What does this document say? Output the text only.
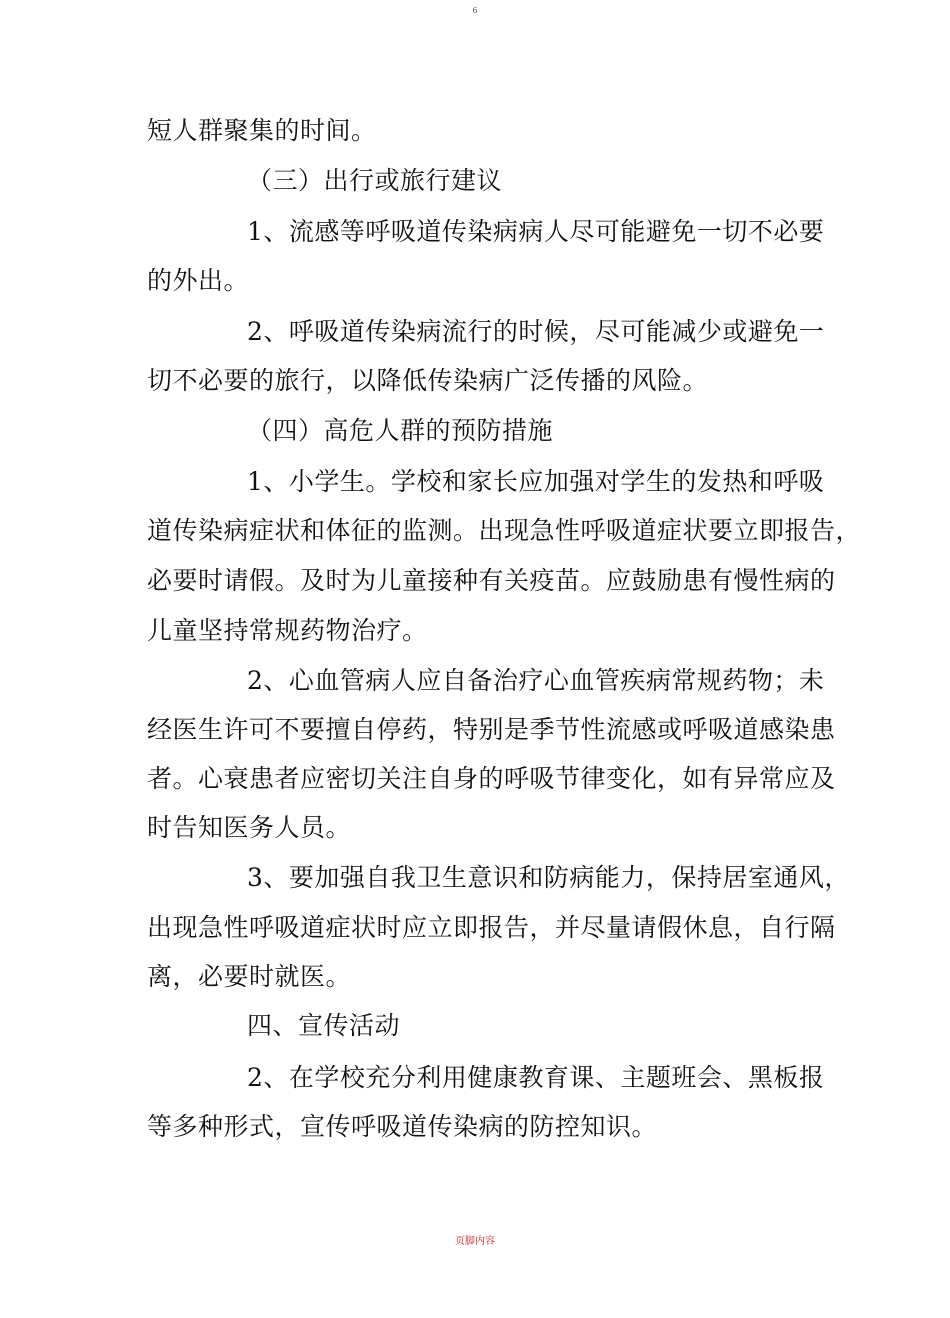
6
短人群聚集的时间。
（三）出行或旅行建议
1、流感等呼吸道传染病病人尽可能避免一切不必要
的外出。
2、呼吸道传染病流行的时候，尽可能减少或避免一
切不必要的旅行，以降低传染病广泛传播的风险。
（四）高危人群的预防措施
1、小学生。学校和家长应加强对学生的发热和呼吸
道传染病症状和体征的监测。出现急性呼吸道症状要立即报告，
必要时请假。及时为儿童接种有关疫苗。应鼓励患有慢性病的
儿童坚持常规药物治疗。
2、心血管病人应自备治疗心血管疾病常规药物；未
经医生许可不要擅自停药，特别是季节性流感或呼吸道感染患
者。心衰患者应密切关注自身的呼吸节律变化，如有异常应及
时告知医务人员。
3、要加强自我卫生意识和防病能力，保持居室通风，
出现急性呼吸道症状时应立即报告，并尽量请假休息，自行隔
离，必要时就医。
四、宣传活动
2、在学校充分利用健康教育课、主题班会、黑板报
等多种形式，宣传呼吸道传染病的防控知识。
页脚内容
